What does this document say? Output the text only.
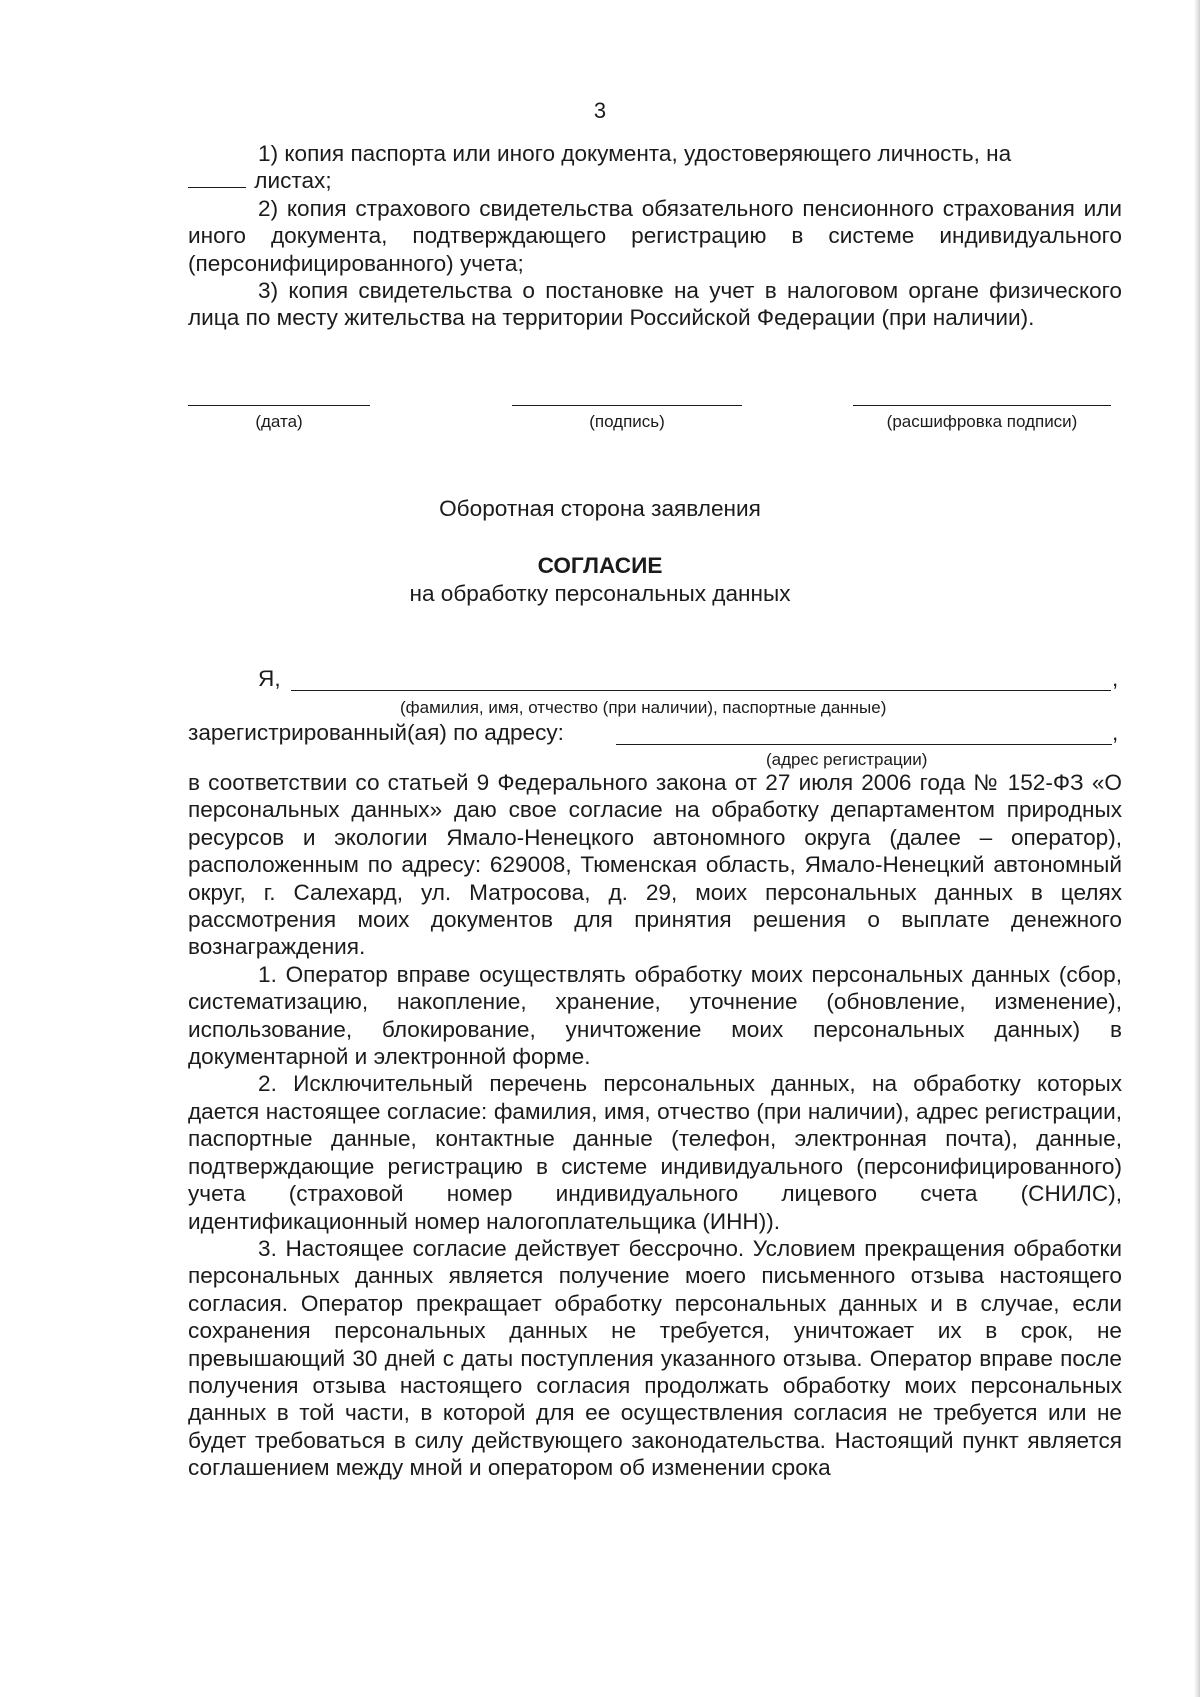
3

1) копия паспорта или иного документа, удостоверяющего личность, на

листах;

2) копия страхового свидетельства обязательного пенсионного страхования или иного документа, подтверждающего регистрацию в системе индивидуального (персонифицированного) учета;

3) копия свидетельства о постановке на учет в налоговом органе физического лица по месту жительства на территории Российской Федерации (при наличии).

(дата)	(подпись)	(расшифровка подписи)
Оборотная сторона заявления
СОГЛАСИЕ
на обработку персональных данных
Я,	,
(фамилия, имя, отчество (при наличии), паспортные данные)
зарегистрированный(ая) по адресу:	,
(адрес регистрации)

в соответствии со статьей 9 Федерального закона от 27 июля 2006 года № 152-ФЗ «О персональных данных» даю свое согласие на обработку департаментом природных ресурсов и экологии Ямало-Ненецкого автономного округа (далее – оператор), расположенным по адресу: 629008, Тюменская область, Ямало-Ненецкий автономный округ, г. Салехард, ул. Матросова, д. 29, моих персональных данных в целях рассмотрения моих документов для принятия решения о выплате денежного вознаграждения.

1. Оператор вправе осуществлять обработку моих персональных данных (сбор, систематизацию, накопление, хранение, уточнение (обновление, изменение), использование, блокирование, уничтожение моих персональных данных) в документарной и электронной форме.

2. Исключительный перечень персональных данных, на обработку которых дается настоящее согласие: фамилия, имя, отчество (при наличии), адрес регистрации, паспортные данные, контактные данные (телефон, электронная почта), данные, подтверждающие регистрацию в системе индивидуального (персонифицированного) учета (страховой номер индивидуального лицевого счета (СНИЛС), идентификационный номер налогоплательщика (ИНН)).

3. Настоящее согласие действует бессрочно. Условием прекращения обработки персональных данных является получение моего письменного отзыва настоящего согласия. Оператор прекращает обработку персональных данных и в случае, если сохранения персональных данных не требуется, уничтожает их в срок, не превышающий 30 дней с даты поступления указанного отзыва. Оператор вправе после получения отзыва настоящего согласия продолжать обработку моих персональных данных в той части, в которой для ее осуществления согласия не требуется или не будет требоваться в силу действующего законодательства. Настоящий пункт является соглашением между мной и оператором об изменении срока
